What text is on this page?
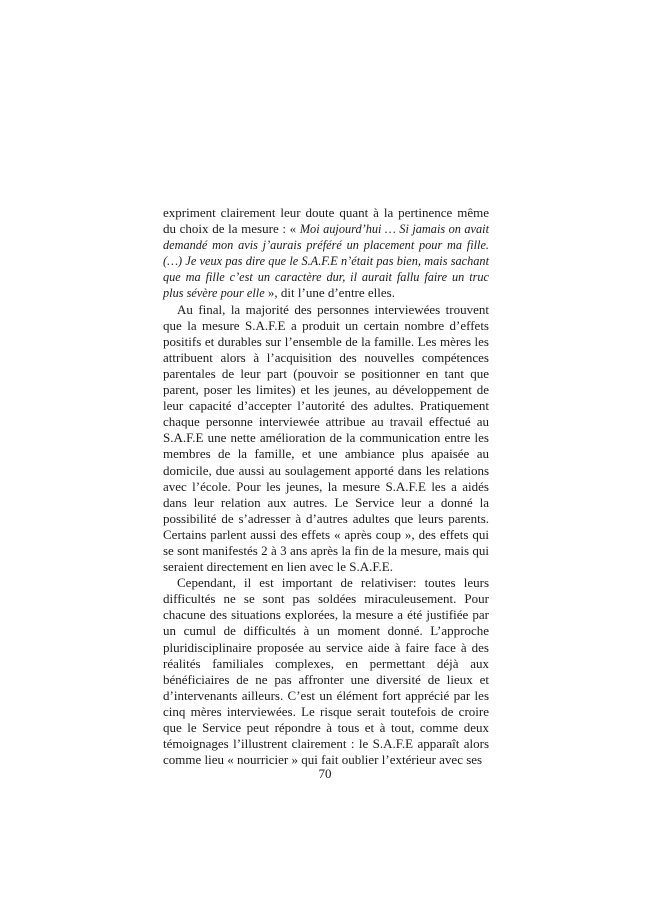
expriment clairement leur doute quant à la pertinence même du choix de la mesure : « Moi aujourd’hui … Si jamais on avait demandé mon avis j’aurais préféré un placement pour ma fille. (…) Je veux pas dire que le S.A.F.E n’était pas bien, mais sachant que ma fille c’est un caractère dur, il aurait fallu faire un truc plus sévère pour elle », dit l’une d’entre elles.

Au final, la majorité des personnes interviewées trouvent que la mesure S.A.F.E a produit un certain nombre d’effets positifs et durables sur l’ensemble de la famille. Les mères les attribuent alors à l’acquisition des nouvelles compétences parentales de leur part (pouvoir se positionner en tant que parent, poser les limites) et les jeunes, au développement de leur capacité d’accepter l’autorité des adultes. Pratiquement chaque personne interviewée attribue au travail effectué au S.A.F.E une nette amélioration de la communication entre les membres de la famille, et une ambiance plus apaisée au domicile, due aussi au soulagement apporté dans les relations avec l’école. Pour les jeunes, la mesure S.A.F.E les a aidés dans leur relation aux autres. Le Service leur a donné la possibilité de s’adresser à d’autres adultes que leurs parents. Certains parlent aussi des effets « après coup », des effets qui se sont manifestés 2 à 3 ans après la fin de la mesure, mais qui seraient directement en lien avec le S.A.F.E.

Cependant, il est important de relativiser: toutes leurs difficultés ne se sont pas soldées miraculeusement. Pour chacune des situations explorées, la mesure a été justifiée par un cumul de difficultés à un moment donné. L’approche pluridisciplinaire proposée au service aide à faire face à des réalités familiales complexes, en permettant déjà aux bénéficiaires de ne pas affronter une diversité de lieux et d’intervenants ailleurs. C’est un élément fort apprécié par les cinq mères interviewées. Le risque serait toutefois de croire que le Service peut répondre à tous et à tout, comme deux témoignages l’illustrent clairement : le S.A.F.E apparaît alors comme lieu « nourricier » qui fait oublier l’extérieur avec ses

70
